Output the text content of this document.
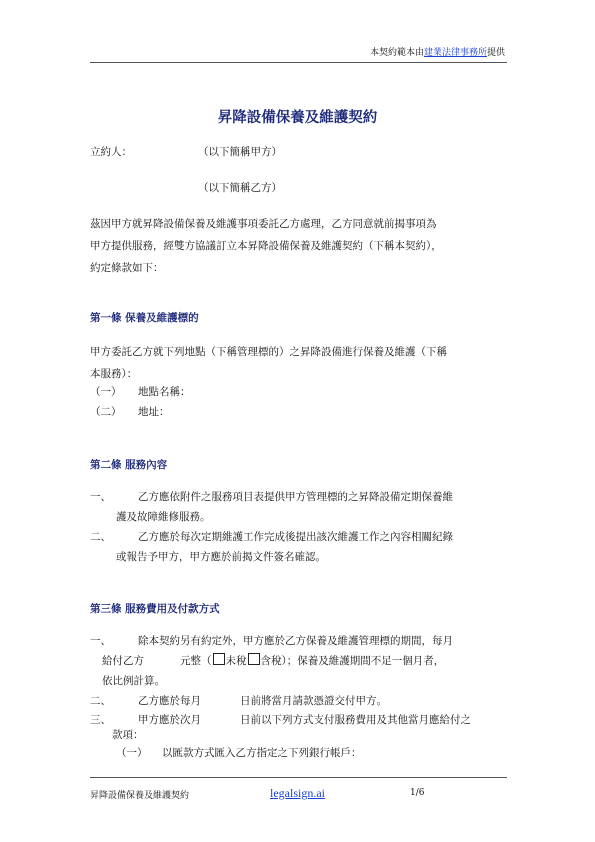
本契約範本由建業法律事務所提供
昇降設備保養及維護契約
立約人：	（以下簡稱甲方）
（以下簡稱乙方）
茲因甲方就昇降設備保養及維護事項委託乙方處理，乙方同意就前揭事項為
甲方提供服務，經雙方協議訂立本昇降設備保養及維護契約（下稱本契約），
約定條款如下：
第一條 保養及維護標的
甲方委託乙方就下列地點（下稱管理標的）之昇降設備進行保養及維護（下稱
本服務）：
（一） 地點名稱：
（二） 地址：
第二條 服務內容
一、	乙方應依附件之服務項目表提供甲方管理標的之昇降設備定期保養維
護及故障維修服務。
二、	乙方應於每次定期維護工作完成後提出該次維護工作之內容相關紀錄
或報告予甲方，甲方應於前揭文件簽名確認。
第三條 服務費用及付款方式
一、	除本契約另有約定外，甲方應於乙方保養及維護管理標的期間，每月
給付乙方	元整（ 未稅 含稅）；保養及維護期間不足一個月者，
依比例計算。
二、	乙方應於每月	日前將當月請款憑證交付甲方。
三、	甲方應於次月	日前以下列方式支付服務費用及其他當月應給付之
款項：
（一） 以匯款方式匯入乙方指定之下列銀行帳戶：
昇降設備保養及維護契約	legalsign.ai	1/6
